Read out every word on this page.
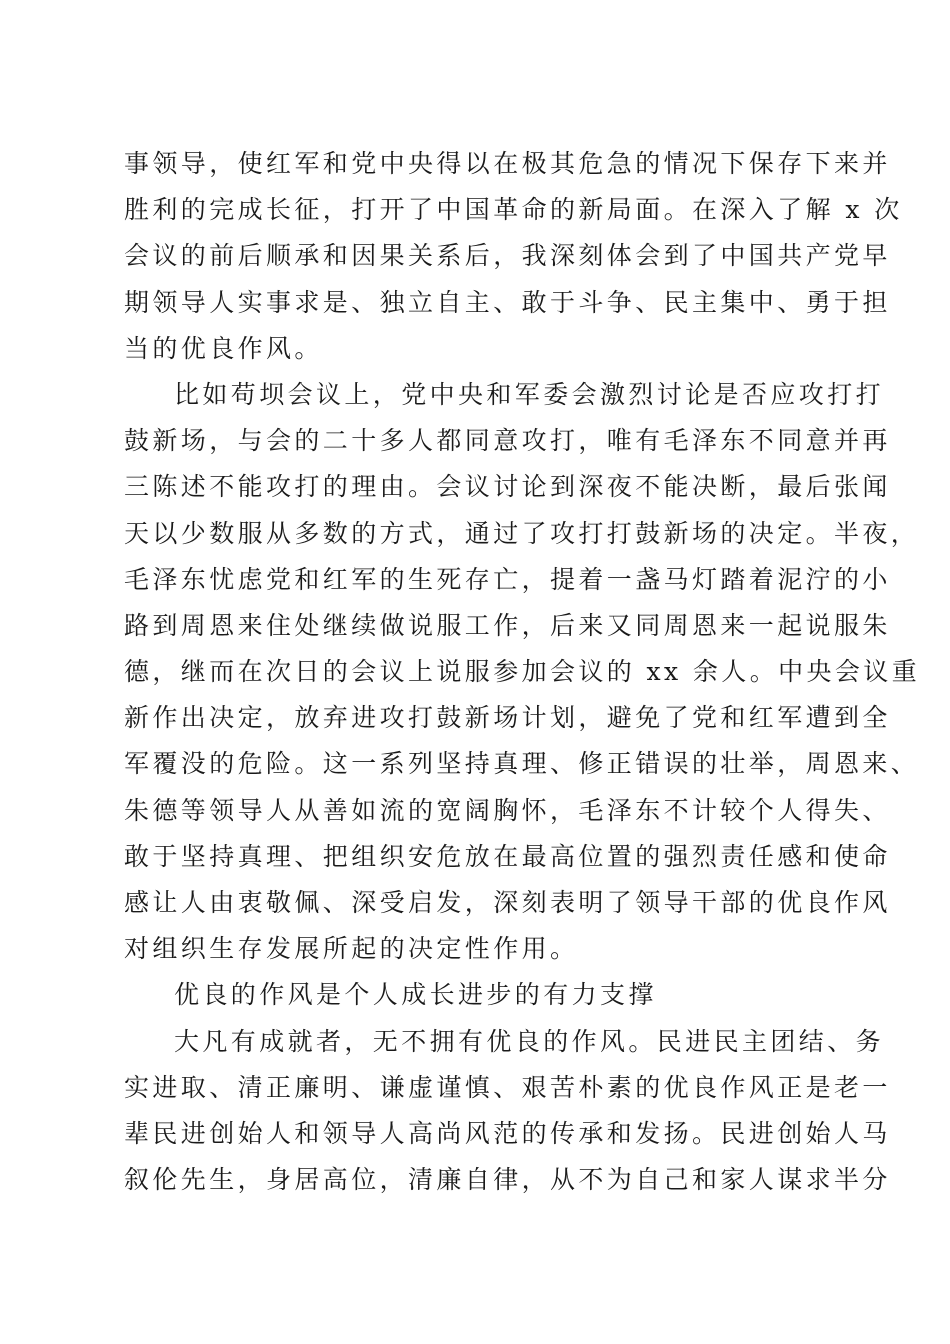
事领导，使红军和党中央得以在极其危急的情况下保存下来并
胜利的完成长征，打开了中国革命的新局面。在深入了解 x 次
会议的前后顺承和因果关系后，我深刻体会到了中国共产党早
期领导人实事求是、独立自主、敢于斗争、民主集中、勇于担
当的优良作风。
比如苟坝会议上，党中央和军委会激烈讨论是否应攻打打
鼓新场，与会的二十多人都同意攻打，唯有毛泽东不同意并再
三陈述不能攻打的理由。会议讨论到深夜不能决断，最后张闻
天以少数服从多数的方式，通过了攻打打鼓新场的决定。半夜，
毛泽东忧虑党和红军的生死存亡，提着一盏马灯踏着泥泞的小
路到周恩来住处继续做说服工作，后来又同周恩来一起说服朱
德，继而在次日的会议上说服参加会议的 xx 余人。中央会议重
新作出决定，放弃进攻打鼓新场计划，避免了党和红军遭到全
军覆没的危险。这一系列坚持真理、修正错误的壮举，周恩来、
朱德等领导人从善如流的宽阔胸怀，毛泽东不计较个人得失、
敢于坚持真理、把组织安危放在最高位置的强烈责任感和使命
感让人由衷敬佩、深受启发，深刻表明了领导干部的优良作风
对组织生存发展所起的决定性作用。
优良的作风是个人成长进步的有力支撑
大凡有成就者，无不拥有优良的作风。民进民主团结、务
实进取、清正廉明、谦虚谨慎、艰苦朴素的优良作风正是老一
辈民进创始人和领导人高尚风范的传承和发扬。民进创始人马
叙伦先生，身居高位，清廉自律，从不为自己和家人谋求半分
